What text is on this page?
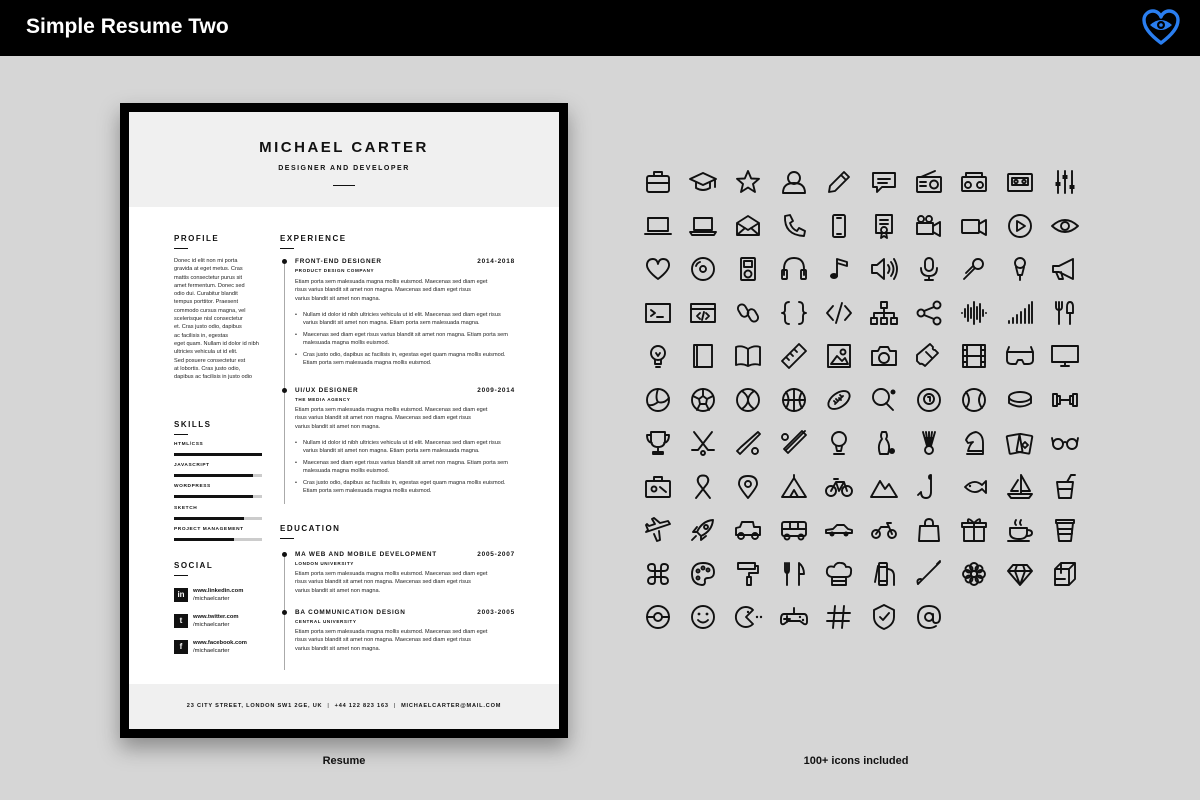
Simple Resume Two
MICHAEL CARTER
DESIGNER AND DEVELOPER
PROFILE
Donec id elit non mi porta
gravida at eget metus. Cras
mattis consectetur purus sit
amet fermentum. Donec sed
odio dui. Curabitur blandit
tempus porttitor. Praesent
commodo cursus magna, vel
scelerisque nisl consectetur
et. Cras justo odio, dapibus
ac facilisis in, egestas
eget quam. Nullam id dolor id nibh
ultricies vehicula ut id elit.
Sed posuere consectetur est
at lobortis. Cras justo odio,
dapibus ac facilisis in justo odio
SKILLS
HTML/CSS
JAVASCRIPT
WORDPRESS
SKETCH
PROJECT MANAGEMENT
SOCIAL
in	www.linkedin.com
/michaelcarter
t	www.twitter.com
/michaelcarter
f	www.facebook.com
/michaelcarter
EXPERIENCE
FRONT-END DESIGNER	2014-2018
PRODUCT DESIGN COMPANY
Etiam porta sem malesuada magna mollis euismod. Maecenas sed diam eget
risus varius blandit sit amet non magna. Maecenas sed diam eget risus
varius blandit sit amet non magna.
• Nullam id dolor id nibh ultricies vehicula ut id elit. Maecenas sed diam eget risus varius blandit sit amet non magna. Etiam porta sem malesuada magna.
• Maecenas sed diam eget risus varius blandit sit amet non magna. Etiam porta sem malesuada magna mollis euismod.
• Cras justo odio, dapibus ac facilisis in, egestas eget quam magna mollis euismod. Etiam porta sem malesuada magna mollis euismod.
UI/UX DESIGNER	2009-2014
THE MEDIA AGENCY
Etiam porta sem malesuada magna mollis euismod. Maecenas sed diam eget
risus varius blandit sit amet non magna. Maecenas sed diam eget risus
varius blandit sit amet non magna.
• Nullam id dolor id nibh ultricies vehicula ut id elit. Maecenas sed diam eget risus varius blandit sit amet non magna. Etiam porta sem malesuada magna.
• Maecenas sed diam eget risus varius blandit sit amet non magna. Etiam porta sem malesuada magna mollis euismod.
• Cras justo odio, dapibus ac facilisis in, egestas eget quam magna mollis euismod. Etiam porta sem malesuada magna mollis euismod.
EDUCATION
MA WEB AND MOBILE DEVELOPMENT	2005-2007
LONDON UNIVERSITY
Etiam porta sem malesuada magna mollis euismod. Maecenas sed diam eget
risus varius blandit sit amet non magna. Maecenas sed diam eget risus
varius blandit sit amet non magna.
BA COMMUNICATION DESIGN	2003-2005
CENTRAL UNIVERSITY
Etiam porta sem malesuada magna mollis euismod. Maecenas sed diam eget
risus varius blandit sit amet non magna. Maecenas sed diam eget risus
varius blandit sit amet non magna.
23 CITY STREET, LONDON SW1 2GE, UK | +44 122 823 163 | MICHAELCARTER@MAIL.COM
Resume	100+ icons included
